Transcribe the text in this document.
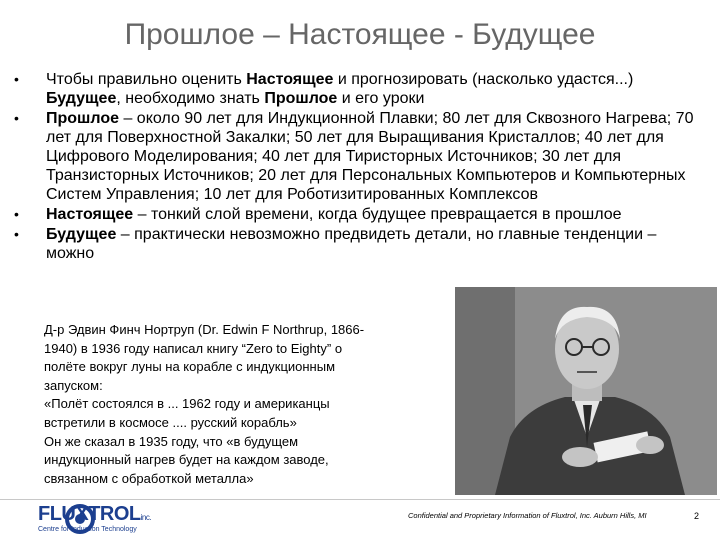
Прошлое – Настоящее - Будущее
• Чтобы правильно оценить Настоящее и прогнозировать (насколько удастся...) Будущее, необходимо знать Прошлое и его уроки
• Прошлое – около 90 лет для Индукционной Плавки; 80 лет для Сквозного Нагрева; 70 лет для Поверхностной Закалки; 50 лет для Выращивания Кристаллов; 40 лет для Цифрового Моделирования; 40 лет для Тиристорных Источников; 30 лет для Транзисторных Источников; 20 лет для Персональных Компьютеров и Компьютерных Систем Управления; 10 лет для Роботизитированных Комплексов
• Настоящее – тонкий слой времени, когда будущее превращается в прошлое
• Будущее – практически невозможно предвидеть детали, но главные тенденции – можно

Д-р Эдвин Финч Нортруп (Dr. Edwin F Northrup, 1866-

1940) в 1936 году написал книгу “Zero to Eighty” о

полёте вокруг луны на корабле с индукционным

запуском:

«Полёт состоялся в ... 1962 году и американцы

встретили в космосе .... русский корабль»

Он же сказал в 1935 году, что «в будущем

индукционный нагрев будет на каждом заводе,

связанном с обработкой металла»

FLUXTROLinc.
Centre for Induction Technology
Confidential and Proprietary Information of Fluxtrol, Inc. Auburn Hills, MI	2
